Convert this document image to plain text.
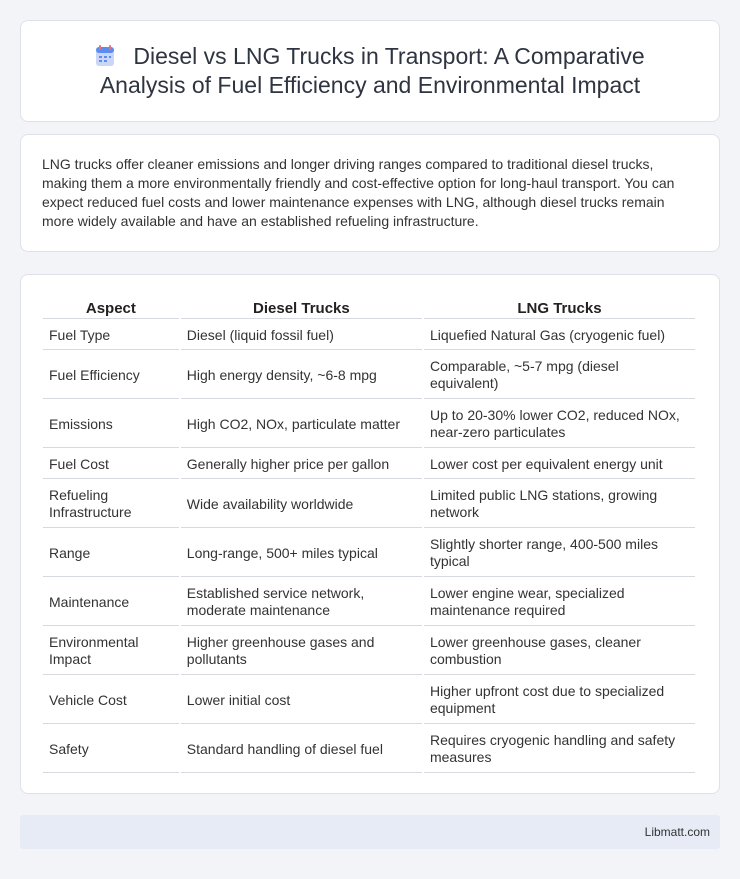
Diesel vs LNG Trucks in Transport: A Comparative Analysis of Fuel Efficiency and Environmental Impact

LNG trucks offer cleaner emissions and longer driving ranges compared to traditional diesel trucks, making them a more environmentally friendly and cost-effective option for long-haul transport. You can expect reduced fuel costs and lower maintenance expenses with LNG, although diesel trucks remain more widely available and have an established refueling infrastructure.

Aspect	Diesel Trucks	LNG Trucks
Fuel Type	Diesel (liquid fossil fuel)	Liquefied Natural Gas (cryogenic fuel)
Fuel Efficiency	High energy density, ~6-8 mpg	Comparable, ~5-7 mpg (diesel equivalent)
Emissions	High CO2, NOx, particulate matter	Up to 20-30% lower CO2, reduced NOx, near-zero particulates
Fuel Cost	Generally higher price per gallon	Lower cost per equivalent energy unit
Refueling Infrastructure	Wide availability worldwide	Limited public LNG stations, growing network
Range	Long-range, 500+ miles typical	Slightly shorter range, 400-500 miles typical
Maintenance	Established service network, moderate maintenance	Lower engine wear, specialized maintenance required
Environmental Impact	Higher greenhouse gases and pollutants	Lower greenhouse gases, cleaner combustion
Vehicle Cost	Lower initial cost	Higher upfront cost due to specialized equipment
Safety	Standard handling of diesel fuel	Requires cryogenic handling and safety measures
Libmatt.com
